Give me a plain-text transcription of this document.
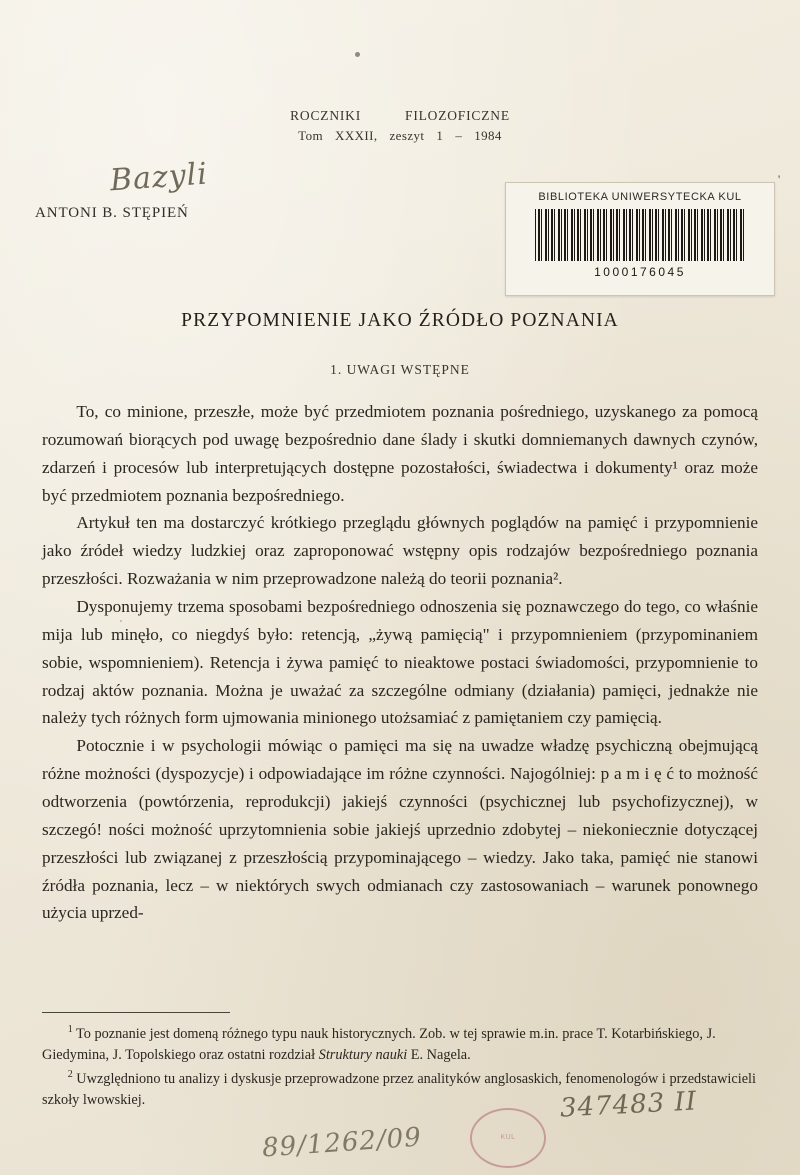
ROCZNIKI	FILOZOFICZNE
Tom XXXII, zeszyt 1 – 1984
Bazyli
ANTONI B. STĘPIEŃ
BIBLIOTEKA UNIWERSYTECKA KUL
1000176045
'
PRZYPOMNIENIE JAKO ŹRÓDŁO POZNANIA
1. UWAGI WSTĘPNE

To, co minione, przeszłe, może być przedmiotem poznania pośredniego, uzyskanego za pomocą rozumowań biorących pod uwagę bezpośrednio dane ślady i skutki domniemanych dawnych czynów, zdarzeń i procesów lub interpretujących dostępne pozostałości, świadectwa i dokumenty¹ oraz może być przedmiotem poznania bezpośredniego.

Artykuł ten ma dostarczyć krótkiego przeglądu głównych poglądów na pamięć i przypomnienie jako źródeł wiedzy ludzkiej oraz zaproponować wstępny opis rodzajów bezpośredniego poznania przeszłości. Rozważania w nim przeprowadzone należą do teorii poznania².

Dysponujemy trzema sposobami bezpośredniego odnoszenia się poznawczego do tego, co właśnie mija lub minęło, co niegdyś było: retencją, „żywą pamięcią" i przypomnieniem (przypominaniem sobie, wspomnieniem). Retencja i żywa pamięć to nieaktowe postaci świadomości, przypomnienie to rodzaj aktów poznania. Można je uważać za szczególne odmiany (działania) pamięci, jednakże nie należy tych różnych form ujmowania minionego utożsamiać z pamiętaniem czy pamięcią.

Potocznie i w psychologii mówiąc o pamięci ma się na uwadze władzę psychiczną obejmującą różne możności (dyspozycje) i odpowiadające im różne czynności. Najogólniej: p a m i ę ć to możność odtworzenia (powtórzenia, reprodukcji) jakiejś czynności (psychicznej lub psychofizycznej), w szczegó! ności możność uprzytomnienia sobie jakiejś uprzednio zdobytej – niekoniecznie dotyczącej przeszłości lub związanej z przeszłością przypominającego – wiedzy. Jako taka, pamięć nie stanowi źródła poznania, lecz – w niektórych swych odmianach czy zastosowaniach – warunek ponownego użycia uprzed-

$^1$ To poznanie jest domeną różnego typu nauk historycznych. Zob. w tej sprawie m.in. prace T. Kotarbińskiego, J. Giedymina, J. Topolskiego oraz ostatni rozdział Struktury nauki E. Nagela.

$^2$ Uwzględniono tu analizy i dyskusje przeprowadzone przez analityków anglosaskich, fenomenologów i przedstawicieli szkoły lwowskiej.	347483 II
KUL
89/1262/09
